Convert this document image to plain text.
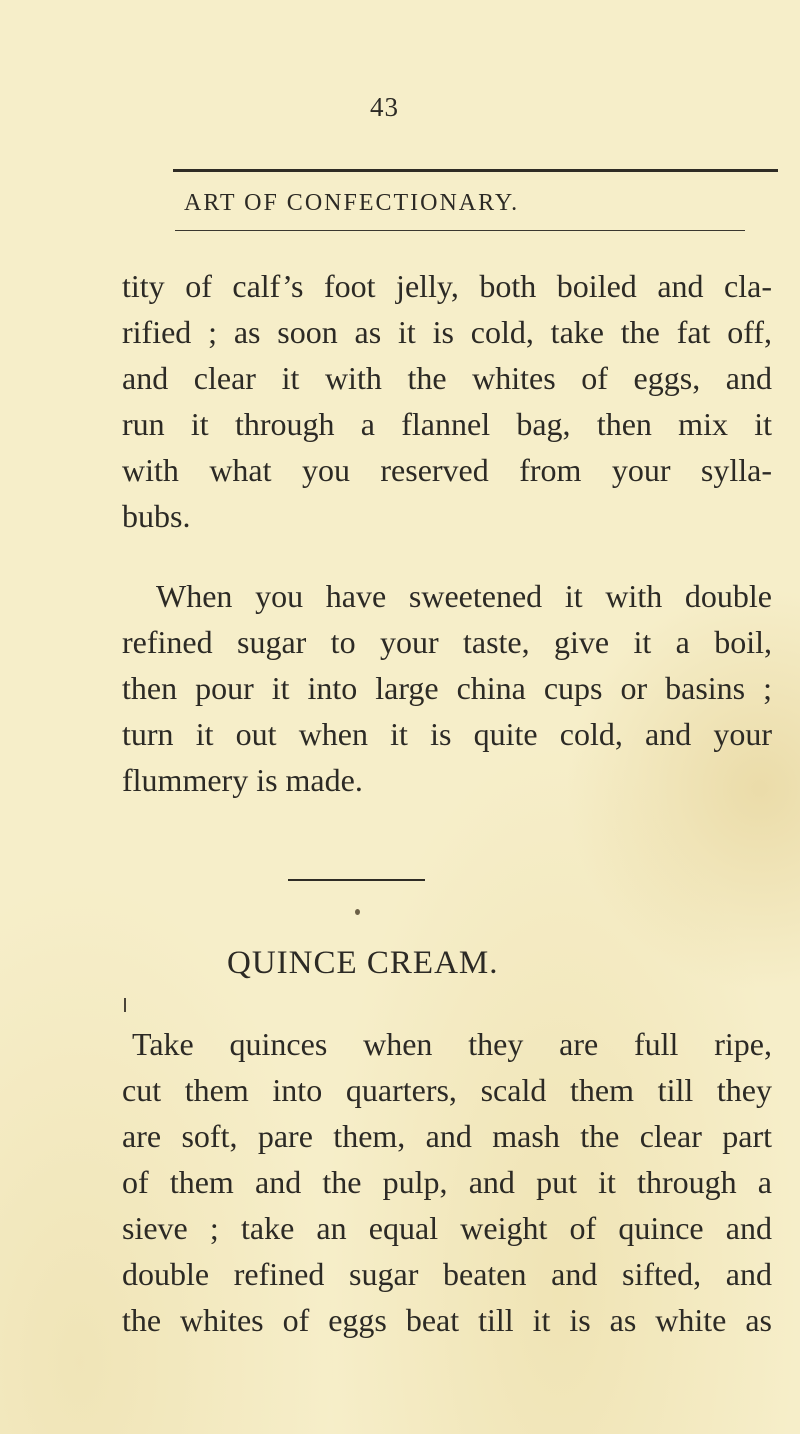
43
ART OF CONFECTIONARY.

tity of calf’s foot jelly, both boiled and cla-
rified ; as soon as it is cold, take the fat off,
and clear it with the whites of eggs, and
run it through a flannel bag, then mix it
with what you reserved from your sylla-
bubs.

When you have sweetened it with double
refined sugar to your taste, give it a boil,
then pour it into large china cups or basins ;
turn it out when it is quite cold, and your
flummery is made.

QUINCE CREAM.

Take quinces when they are full ripe,
cut them into quarters, scald them till they
are soft, pare them, and mash the clear part
of them and the pulp, and put it through a
sieve ; take an equal weight of quince and
double refined sugar beaten and sifted, and
the whites of eggs beat till it is as white as
